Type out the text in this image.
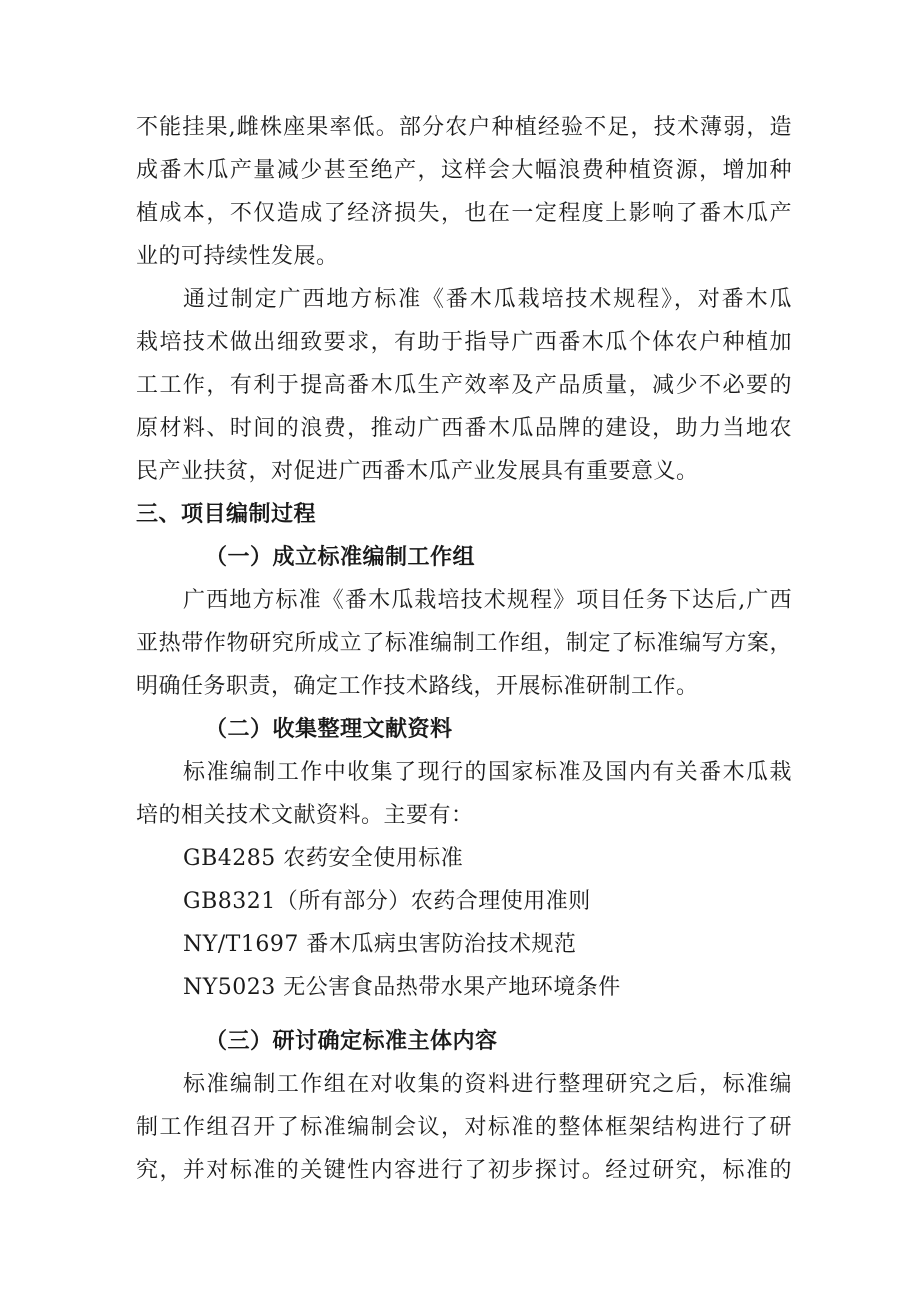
不能挂果,雌株座果率低。部分农户种植经验不足，技术薄弱，造
成番木瓜产量减少甚至绝产，这样会大幅浪费种植资源，增加种
植成本，不仅造成了经济损失，也在一定程度上影响了番木瓜产
业的可持续性发展。
通过制定广西地方标准《番木瓜栽培技术规程》，对番木瓜
栽培技术做出细致要求，有助于指导广西番木瓜个体农户种植加
工工作，有利于提高番木瓜生产效率及产品质量，减少不必要的
原材料、时间的浪费，推动广西番木瓜品牌的建设，助力当地农
民产业扶贫，对促进广西番木瓜产业发展具有重要意义。
三、项目编制过程
（一）成立标准编制工作组
广西地方标准《番木瓜栽培技术规程》项目任务下达后,广西
亚热带作物研究所成立了标准编制工作组，制定了标准编写方案，
明确任务职责，确定工作技术路线，开展标准研制工作。
（二）收集整理文献资料
标准编制工作中收集了现行的国家标准及国内有关番木瓜栽
培的相关技术文献资料。主要有：
GB4285 农药安全使用标准
GB8321（所有部分）农药合理使用准则
NY/T1697 番木瓜病虫害防治技术规范
NY5023 无公害食品热带水果产地环境条件
（三）研讨确定标准主体内容
标准编制工作组在对收集的资料进行整理研究之后，标准编
制工作组召开了标准编制会议，对标准的整体框架结构进行了研
究，并对标准的关键性内容进行了初步探讨。经过研究，标准的
